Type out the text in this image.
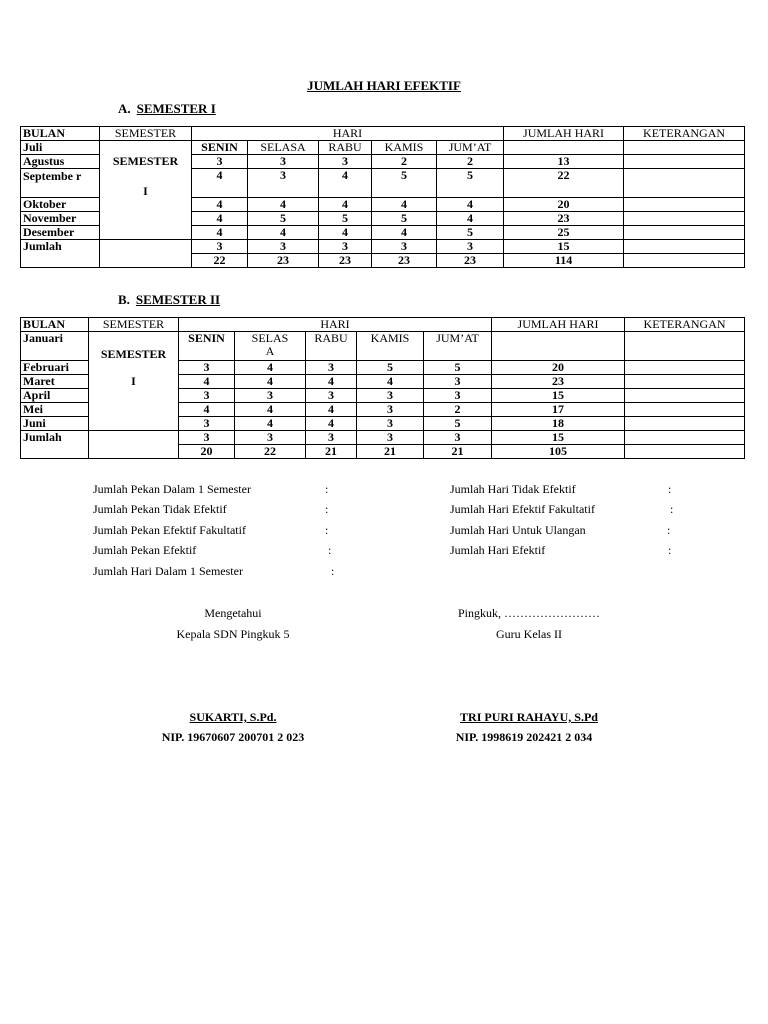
JUMLAH HARI EFEKTIF
A. SEMESTER I
BULAN	SEMESTER	HARI					JUMLAH HARI	KETERANGAN
Juli		SENIN	SELASA	RABU	KAMIS	JUM’AT		
Agustus	SEMESTER	3	3	3	2	2	13	

Septembe r	I	4	3	4	5	5	22	
Oktober		4	4	4	4	4	20	
November		4	5	5	5	4	23	
Desember		4	4	4	4	5	25	
Jumlah		3	3	3	3	3	15	
		22	23	23	23	23	114	
B. SEMESTER II
BULAN	SEMESTER	HARI					JUMLAH HARI	KETERANGAN
Januari	SEMESTER	SENIN	SELAS A	RABU	KAMIS	JUM’AT		
Februari		3	4	3	5	5	20	
Maret	I	4	4	4	4	3	23	
April		3	3	3	3	3	15	
Mei		4	4	4	3	2	17	
Juni		3	4	4	3	5	18	
Jumlah		3	3	3	3	3	15	
		20	22	21	21	21	105	
Jumlah Pekan Dalam 1 Semester	:
Jumlah Pekan Tidak Efektif	:
Jumlah Pekan Efektif Fakultatif	:
Jumlah Pekan Efektif	:
Jumlah Hari Dalam 1 Semester	:
Jumlah Hari Tidak Efektif	:
Jumlah Hari Efektif Fakultatif	:
Jumlah Hari Untuk Ulangan	:
Jumlah Hari Efektif	:
Mengetahui
Kepala SDN Pingkuk 5
SUKARTI, S.Pd.
NIP. 19670607 200701 2 023
Pingkuk, ……………………
Guru Kelas II
TRI PURI RAHAYU, S.Pd
NIP. 1998619 202421 2 034
